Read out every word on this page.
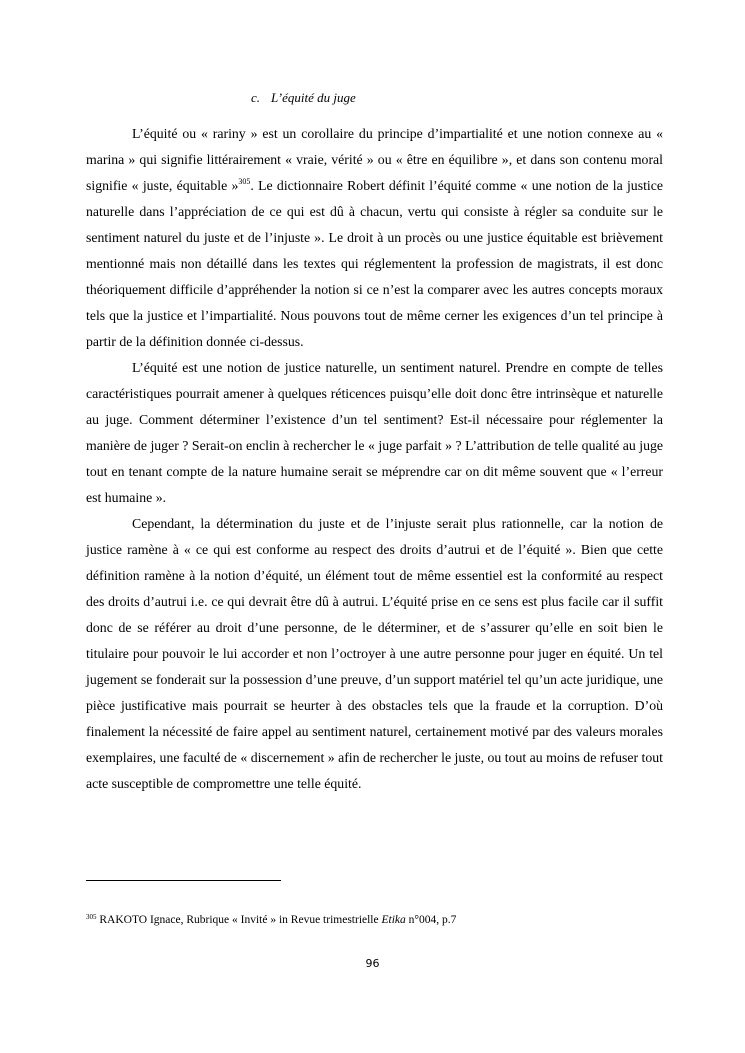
c. L’équité du juge

L’équité ou « rariny » est un corollaire du principe d’impartialité et une notion connexe au « marina » qui signifie littérairement « vraie, vérité » ou « être en équilibre », et dans son contenu moral signifie « juste, équitable »$^{305}$. Le dictionnaire Robert définit l’équité comme « une notion de la justice naturelle dans l’appréciation de ce qui est dû à chacun, vertu qui consiste à régler sa conduite sur le sentiment naturel du juste et de l’injuste ». Le droit à un procès ou une justice équitable est brièvement mentionné mais non détaillé dans les textes qui réglementent la profession de magistrats, il est donc théoriquement difficile d’appréhender la notion si ce n’est la comparer avec les autres concepts moraux tels que la justice et l’impartialité. Nous pouvons tout de même cerner les exigences d’un tel principe à partir de la définition donnée ci-dessus.

L’équité est une notion de justice naturelle, un sentiment naturel. Prendre en compte de telles caractéristiques pourrait amener à quelques réticences puisqu’elle doit donc être intrinsèque et naturelle au juge. Comment déterminer l’existence d’un tel sentiment? Est-il nécessaire pour réglementer la manière de juger ? Serait-on enclin à rechercher le « juge parfait » ? L’attribution de telle qualité au juge tout en tenant compte de la nature humaine serait se méprendre car on dit même souvent que « l’erreur est humaine ».

Cependant, la détermination du juste et de l’injuste serait plus rationnelle, car la notion de justice ramène à « ce qui est conforme au respect des droits d’autrui et de l’équité ». Bien que cette définition ramène à la notion d’équité, un élément tout de même essentiel est la conformité au respect des droits d’autrui i.e. ce qui devrait être dû à autrui. L’équité prise en ce sens est plus facile car il suffit donc de se référer au droit d’une personne, de le déterminer, et de s’assurer qu’elle en soit bien le titulaire pour pouvoir le lui accorder et non l’octroyer à une autre personne pour juger en équité. Un tel jugement se fonderait sur la possession d’une preuve, d’un support matériel tel qu’un acte juridique, une pièce justificative mais pourrait se heurter à des obstacles tels que la fraude et la corruption. D’où finalement la nécessité de faire appel au sentiment naturel, certainement motivé par des valeurs morales exemplaires, une faculté de « discernement » afin de rechercher le juste, ou tout au moins de refuser tout acte susceptible de compromettre une telle équité.

$^{305}$ RAKOTO Ignace, Rubrique « Invité » in Revue trimestrielle Etika n°004, p.7
96
